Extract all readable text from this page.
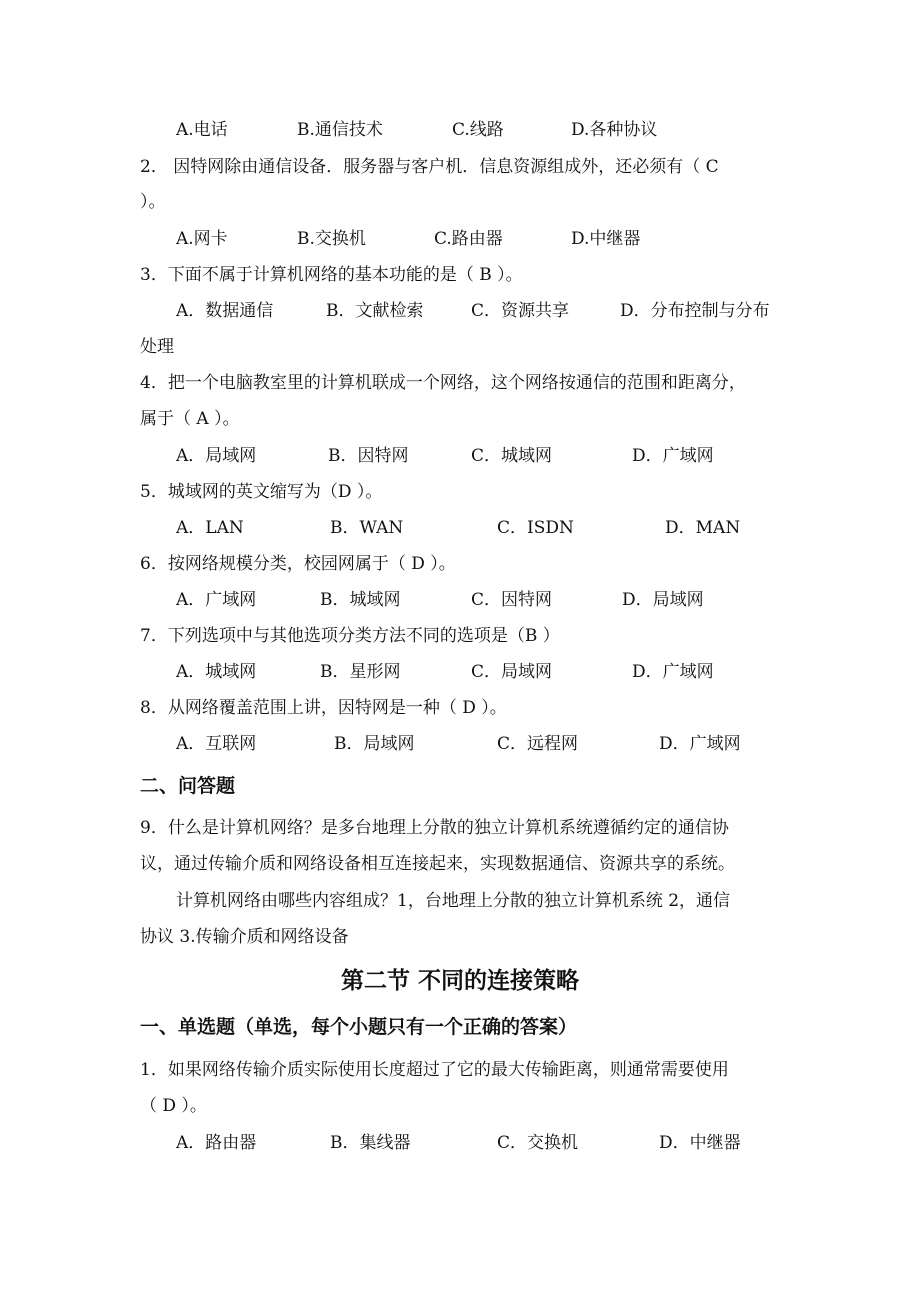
A.电话	B.通信技术	C.线路	D.各种协议
2． 因特网除由通信设备．服务器与客户机．信息资源组成外，还必须有（ C
）。
A.网卡	B.交换机	C.路由器	D.中继器
3．下面不属于计算机网络的基本功能的是（ B ）。
A．数据通信	B．文献检索	C．资源共享	D．分布控制与分布
处理
4．把一个电脑教室里的计算机联成一个网络，这个网络按通信的范围和距离分，
属于（ A ）。
A．局域网	B．因特网	C．城域网	D．广域网
5．城域网的英文缩写为（D ）。
A．LAN	B．WAN	C．ISDN	D．MAN
6．按网络规模分类，校园网属于（ D ）。
A．广域网	B．城域网	C．因特网	D．局域网
7．下列选项中与其他选项分类方法不同的选项是（B ）
A．城域网	B．星形网	C．局域网	D．广域网
8．从网络覆盖范围上讲，因特网是一种（ D ）。
A．互联网	B．局域网	C．远程网	D．广域网
二、问答题
9．什么是计算机网络？是多台地理上分散的独立计算机系统遵循约定的通信协
议，通过传输介质和网络设备相互连接起来，实现数据通信、资源共享的系统。
计算机网络由哪些内容组成？1，台地理上分散的独立计算机系统 2，通信
协议 3.传输介质和网络设备
第二节 不同的连接策略
一、单选题（单选，每个小题只有一个正确的答案）
1．如果网络传输介质实际使用长度超过了它的最大传输距离，则通常需要使用
（ D ）。
A．路由器	B．集线器	C．交换机	D．中继器
